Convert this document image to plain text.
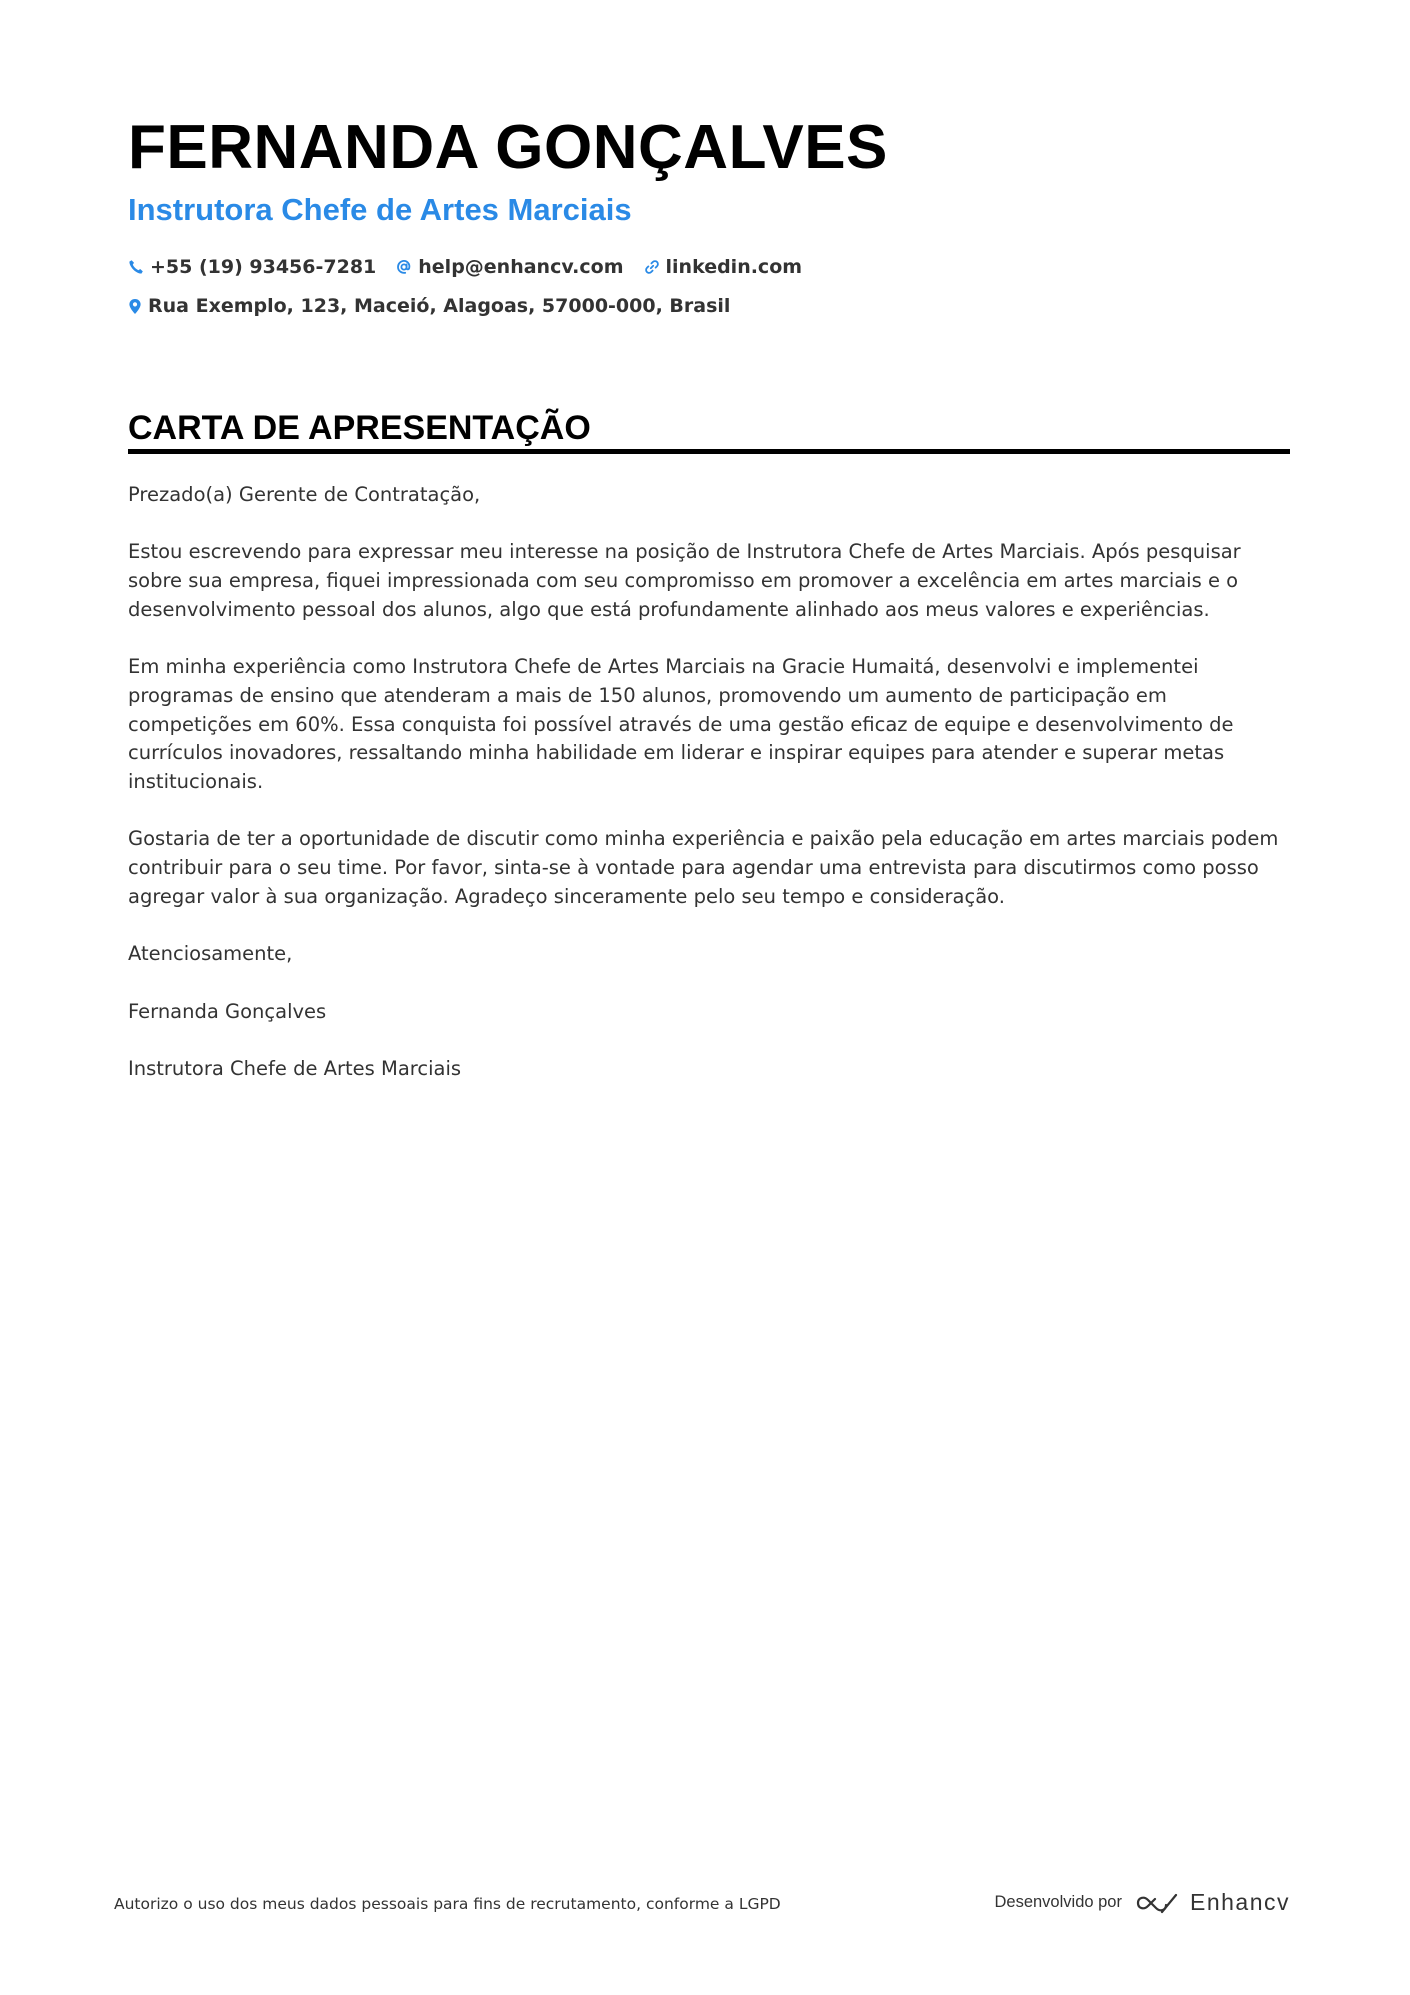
FERNANDA GONÇALVES
Instrutora Chefe de Artes Marciais
+55 (19) 93456-7281 help@enhancv.com linkedin.com
Rua Exemplo, 123, Maceió, Alagoas, 57000-000, Brasil
CARTA DE APRESENTAÇÃO

Prezado(a) Gerente de Contratação,

Estou escrevendo para expressar meu interesse na posição de Instrutora Chefe de Artes Marciais. Após pesquisar sobre sua empresa, fiquei impressionada com seu compromisso em promover a excelência em artes marciais e o desenvolvimento pessoal dos alunos, algo que está profundamente alinhado aos meus valores e experiências.

Em minha experiência como Instrutora Chefe de Artes Marciais na Gracie Humaitá, desenvolvi e implementei programas de ensino que atenderam a mais de 150 alunos, promovendo um aumento de participação em competições em 60%. Essa conquista foi possível através de uma gestão eficaz de equipe e desenvolvimento de currículos inovadores, ressaltando minha habilidade em liderar e inspirar equipes para atender e superar metas institucionais.

Gostaria de ter a oportunidade de discutir como minha experiência e paixão pela educação em artes marciais podem contribuir para o seu time. Por favor, sinta-se à vontade para agendar uma entrevista para discutirmos como posso agregar valor à sua organização. Agradeço sinceramente pelo seu tempo e consideração.

Atenciosamente,

Fernanda Gonçalves

Instrutora Chefe de Artes Marciais

Autorizo o uso dos meus dados pessoais para fins de recrutamento, conforme a LGPD	Desenvolvido por	Enhancv
